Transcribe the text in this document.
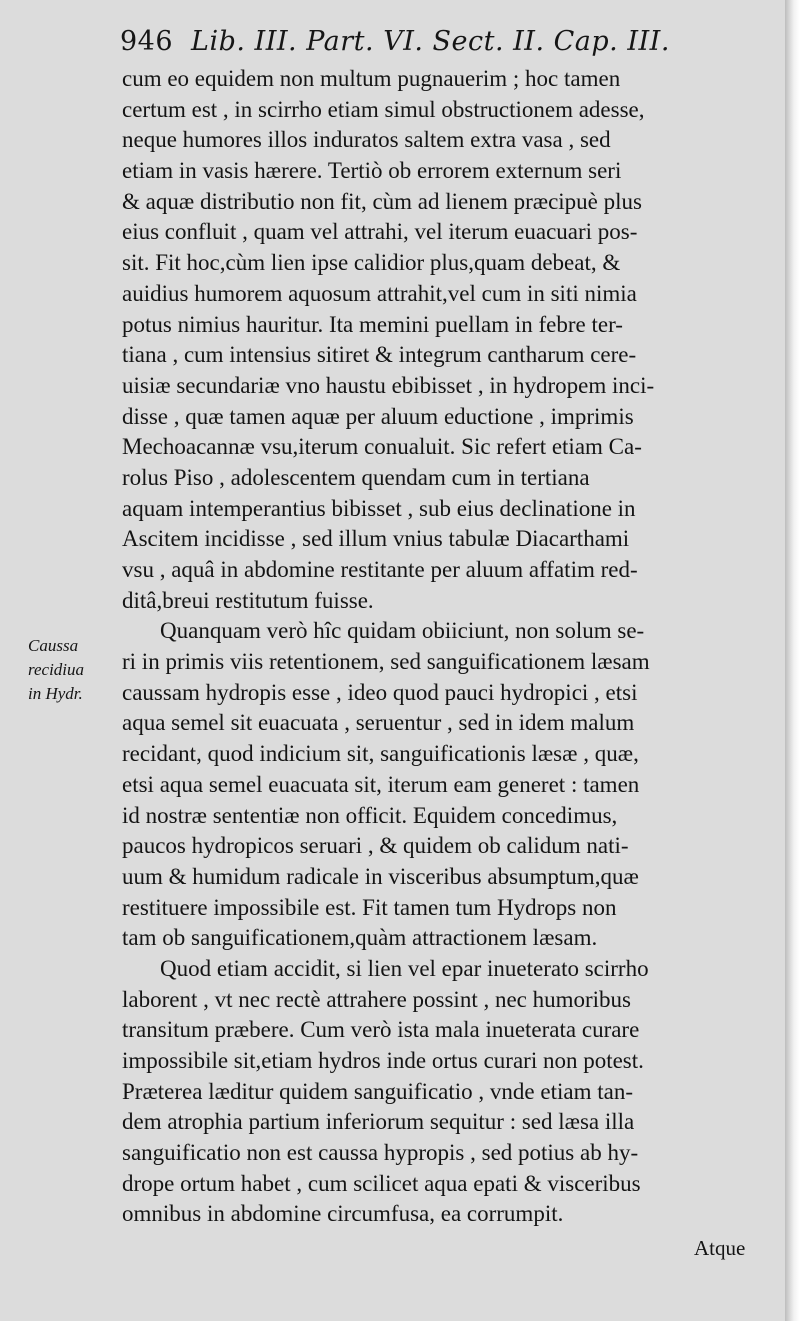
946 Lib. III. Part. VI. Sect. II. Cap. III.
Caussa
recidiua
in Hydr.
cum eo equidem non multum pugnauerim ; hoc tamen
certum est , in scirrho etiam simul obstructionem adesse,
neque humores illos induratos saltem extra vasa , sed
etiam in vasis hærere. Tertiò ob errorem externum seri
& aquæ distributio non fit, cùm ad lienem præcipuè plus
eius confluit , quam vel attrahi, vel iterum euacuari pos-
sit. Fit hoc,cùm lien ipse calidior plus,quam debeat, &
auidius humorem aquosum attrahit,vel cum in siti nimia
potus nimius hauritur. Ita memini puellam in febre ter-
tiana , cum intensius sitiret & integrum cantharum cere-
uisiæ secundariæ vno haustu ebibisset , in hydropem inci-
disse , quæ tamen aquæ per aluum eductione , imprimis
Mechoacannæ vsu,iterum conualuit. Sic refert etiam Ca-
rolus Piso , adolescentem quendam cum in tertiana
aquam intemperantius bibisset , sub eius declinatione in
Ascitem incidisse , sed illum vnius tabulæ Diacarthami
vsu , aquâ in abdomine restitante per aluum affatim red-
ditâ,breui restitutum fuisse.
Quanquam verò hîc quidam obiiciunt, non solum se-
ri in primis viis retentionem, sed sanguificationem læsam
caussam hydropis esse , ideo quod pauci hydropici , etsi
aqua semel sit euacuata , seruentur , sed in idem malum
recidant, quod indicium sit, sanguificationis læsæ , quæ,
etsi aqua semel euacuata sit, iterum eam generet : tamen
id nostræ sententiæ non officit. Equidem concedimus,
paucos hydropicos seruari , & quidem ob calidum nati-
uum & humidum radicale in visceribus absumptum,quæ
restituere impossibile est. Fit tamen tum Hydrops non
tam ob sanguificationem,quàm attractionem læsam.
Quod etiam accidit, si lien vel epar inueterato scirrho
laborent , vt nec rectè attrahere possint , nec humoribus
transitum præbere. Cum verò ista mala inueterata curare
impossibile sit,etiam hydros inde ortus curari non potest.
Præterea læditur quidem sanguificatio , vnde etiam tan-
dem atrophia partium inferiorum sequitur : sed læsa illa
sanguificatio non est caussa hypropis , sed potius ab hy-
drope ortum habet , cum scilicet aqua epati & visceribus
omnibus in abdomine circumfusa, ea corrumpit.
Atque
